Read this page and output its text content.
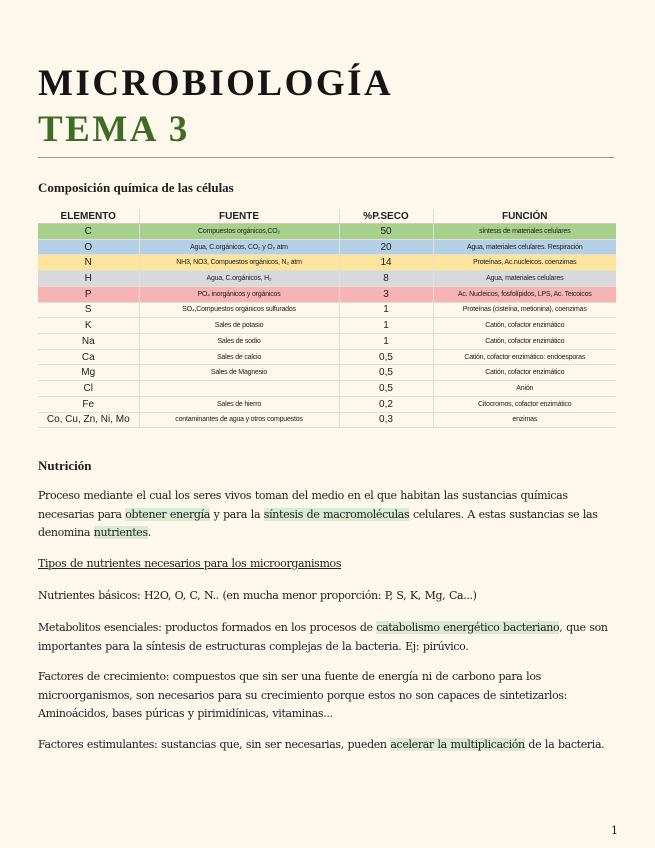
MICROBIOLOGÍA
TEMA 3
Composición química de las células
ELEMENTO	FUENTE	%P.SECO	FUNCIÓN
C	Compuestos orgánicos,CO₂	50	síntesis de materiales celulares
O	Agua, C.orgánicos, CO₂ y O₂ atm	20	Agua, materiales celulares. Respiración
N	NH3, NO3, Compuestos orgánicos, N₂ atm	14	Proteínas, Ac.nucleicos. coenzimas
H	Agua, C.orgánicos, H₂	8	Agua, materiales celulares
P	PO₄ inorgánicos y orgánicos	3	Ac. Nucleicos, fosfolípidos, LPS, Ac. Teicoicos
S	SO₄,Compuestos orgánicos sulfurados	1	Proteínas (cisteína, metionina), coenzimas
K	Sales de potasio	1	Catión, cofactor enzimático
Na	Sales de sodio	1	Catión, cofactor enzimático
Ca	Sales de calcio	0,5	Catión, cofactor enzimático: endoesporas
Mg	Sales de Magnesio	0,5	Catión, cofactor enzimático
Cl		0,5	Anión
Fe	Sales de hierro	0,2	Citocromos, cofactor enzimático
Co, Cu, Zn, Ni, Mo	contaminantes de agua y otros compuestos	0,3	enzimas
Nutrición

Proceso mediante el cual los seres vivos toman del medio en el que habitan las sustancias químicas necesarias para obtener energía y para la síntesis de macromoléculas celulares. A estas sustancias se las denomina nutrientes.

Tipos de nutrientes necesarios para los microorganismos

Nutrientes básicos: H2O, O, C, N.. (en mucha menor proporción: P, S, K, Mg, Ca...)

Metabolitos esenciales: productos formados en los procesos de catabolismo energético bacteriano, que son importantes para la síntesis de estructuras complejas de la bacteria. Ej: pirúvico.

Factores de crecimiento: compuestos que sin ser una fuente de energía ni de carbono para los microorganismos, son necesarios para su crecimiento porque estos no son capaces de sintetizarlos: Aminoácidos, bases púricas y pirimidínicas, vitaminas...

Factores estimulantes: sustancias que, sin ser necesarias, pueden acelerar la multiplicación de la bacteria.

1
